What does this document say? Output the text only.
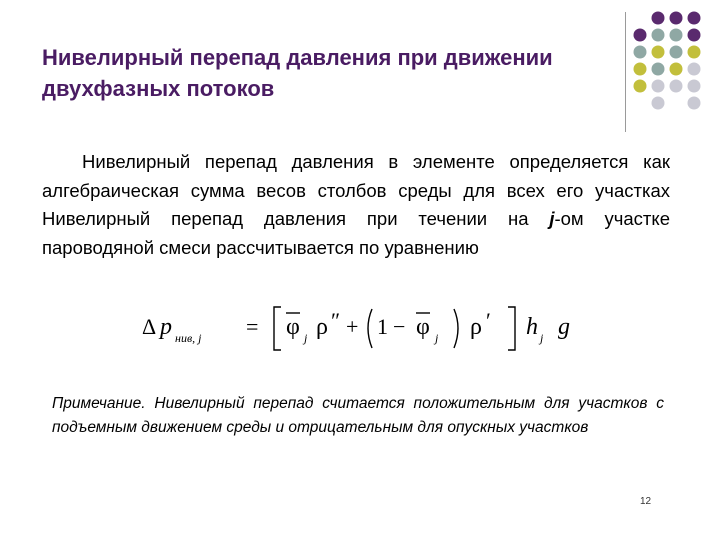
Нивелирный перепад давления при движении двухфазных потоков

Нивелирный перепад давления в элементе определяется как алгебраическая сумма весов столбов среды для всех его участках Нивелирный перепад давления при течении на j-ом участке пароводяной смеси рассчитывается по уравнению

Δ p нив, j = φ j ρ ″ + 1 − φ j ρ ′ h j g

Примечание. Нивелирный перепад считается положительным для участков с подъемным движением среды и отрицательным для опускных участков

12
